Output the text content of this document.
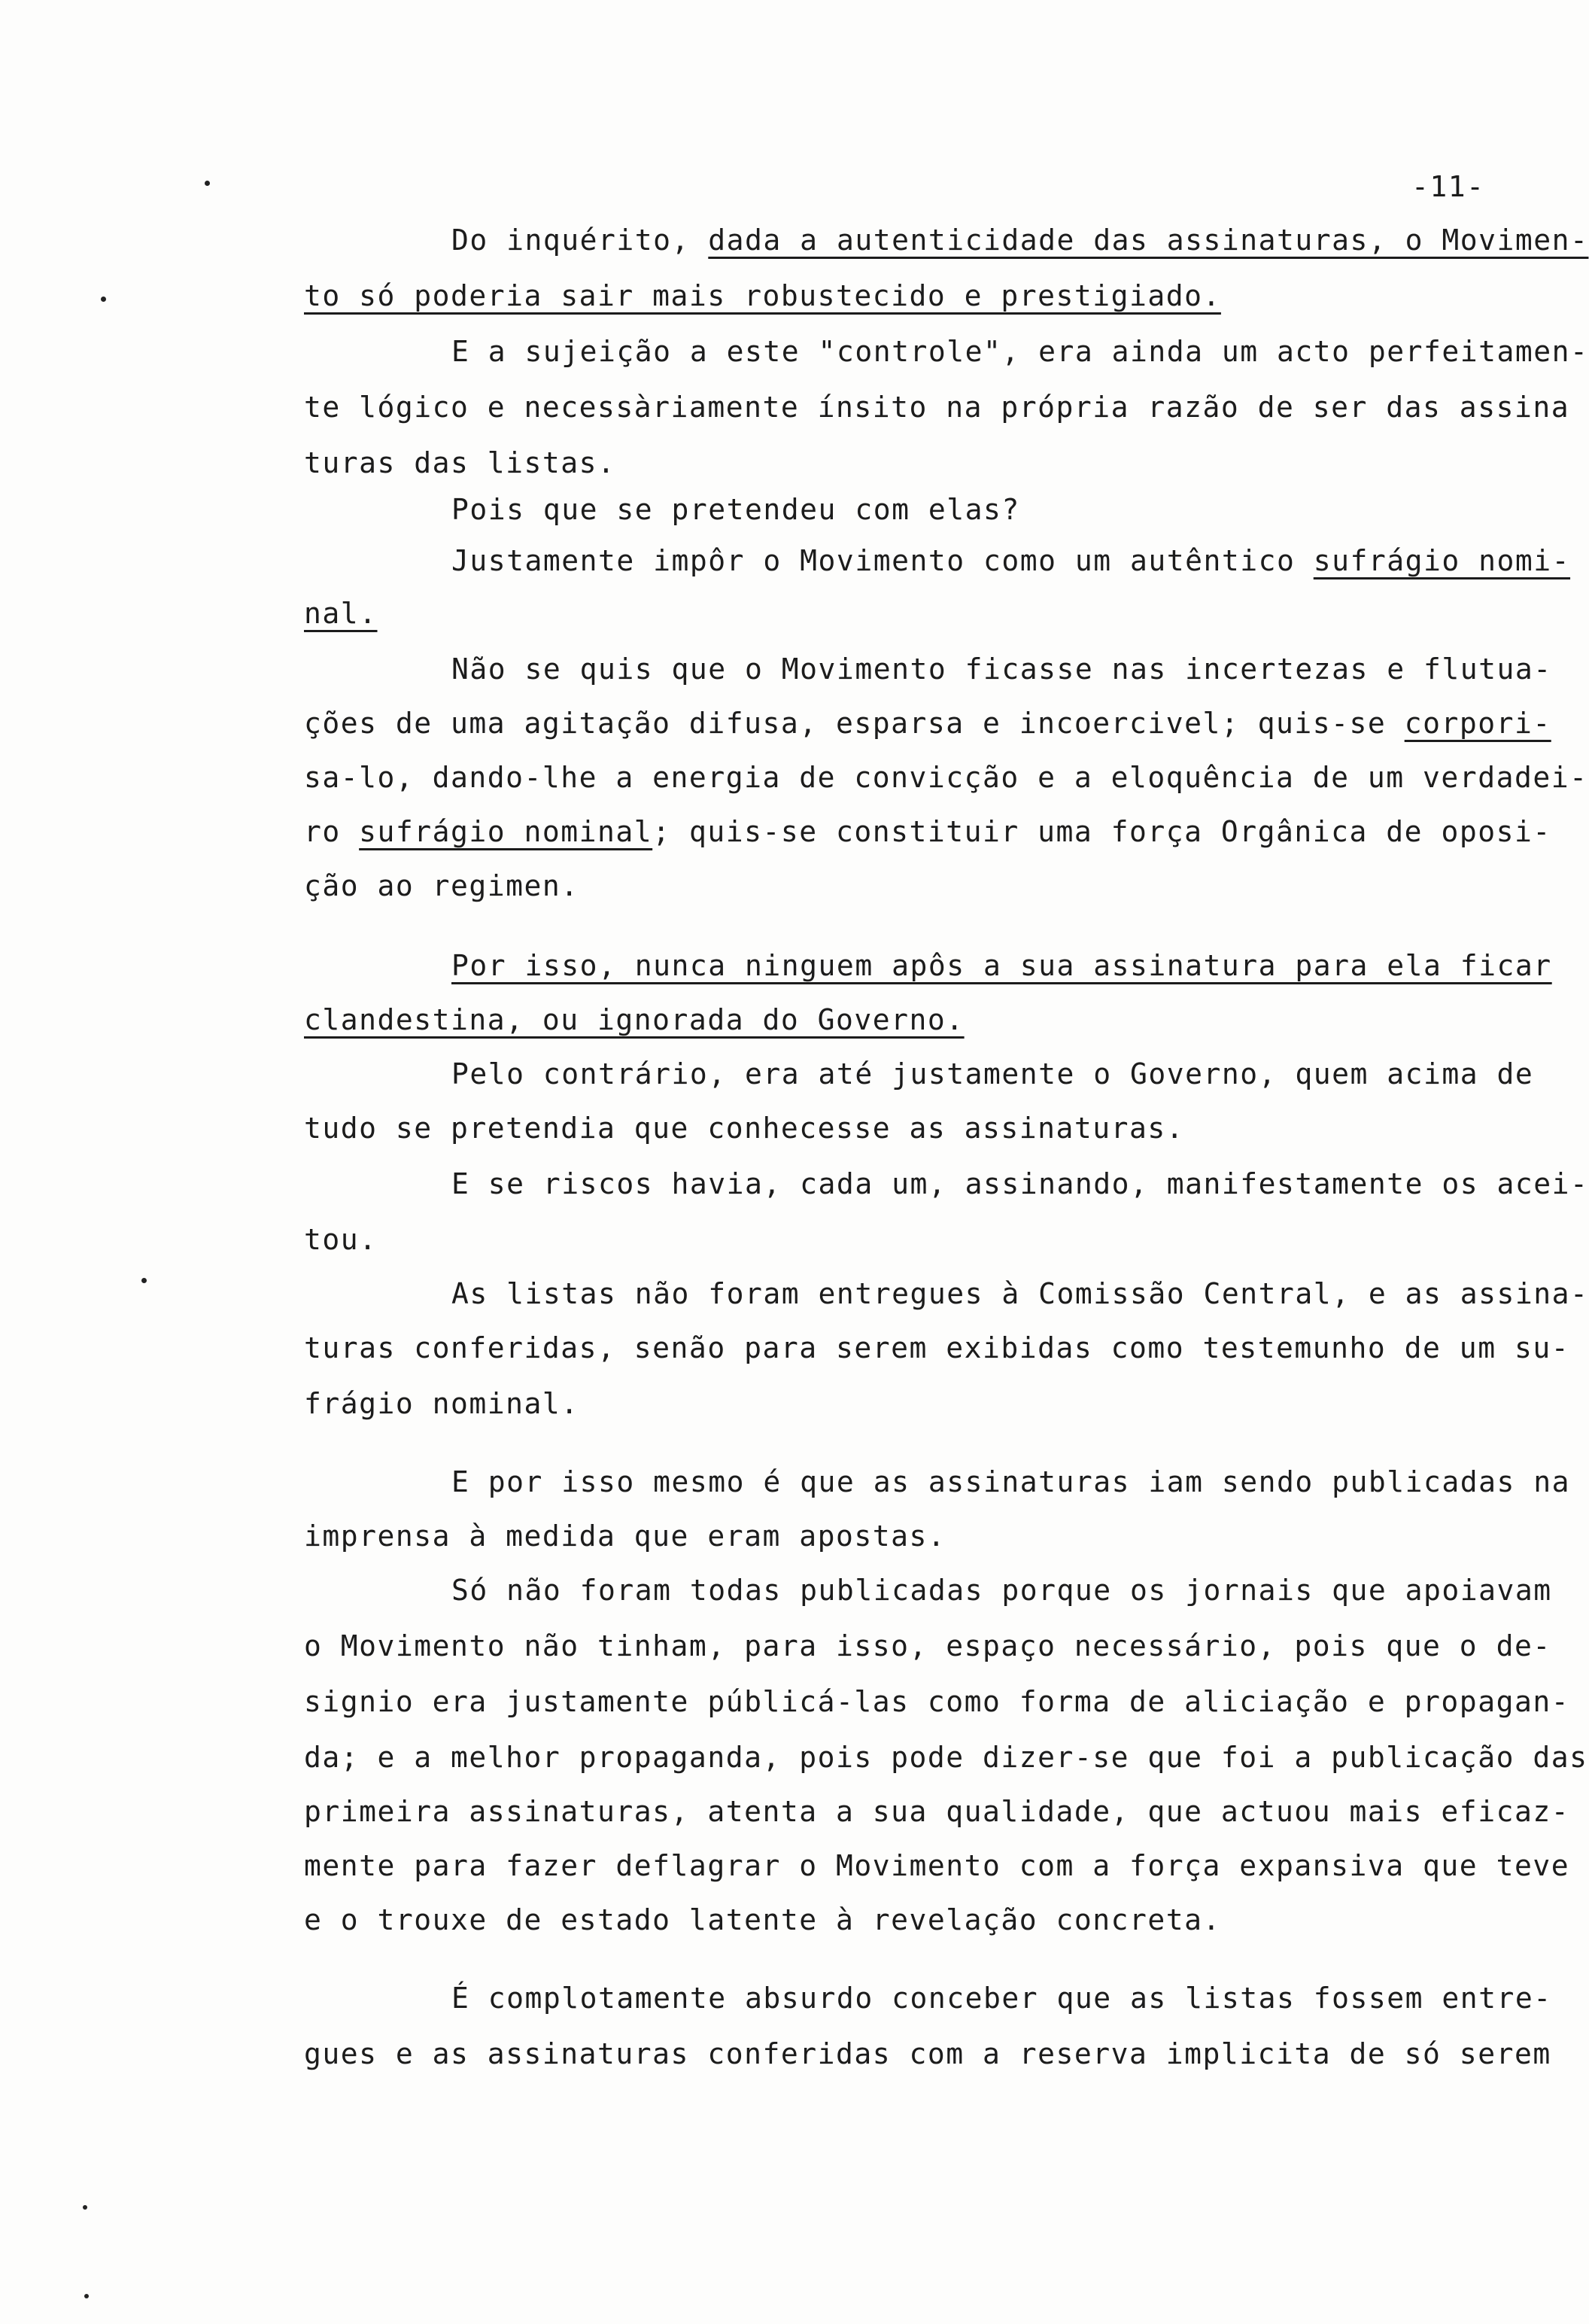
-11-
Do inquérito, dada a autenticidade das assinaturas, o Movimen-
to só poderia sair mais robustecido e prestigiado.
E a sujeição a este "controle", era ainda um acto perfeitamen-
te lógico e necessàriamente ínsito na própria razão de ser das assina
turas das listas.
Pois que se pretendeu com elas?
Justamente impôr o Movimento como um autêntico sufrágio nomi-
nal.
Não se quis que o Movimento ficasse nas incertezas e flutua-
ções de uma agitação difusa, esparsa e incoercivel; quis-se corpori-
sa-lo, dando-lhe a energia de convicção e a eloquência de um verdadei-
ro sufrágio nominal; quis-se constituir uma força Orgânica de oposi-
ção ao regimen.
Por isso, nunca ninguem apôs a sua assinatura para ela ficar
clandestina, ou ignorada do Governo.
Pelo contrário, era até justamente o Governo, quem acima de
tudo se pretendia que conhecesse as assinaturas.
E se riscos havia, cada um, assinando, manifestamente os acei-
tou.
As listas não foram entregues à Comissão Central, e as assina-
turas conferidas, senão para serem exibidas como testemunho de um su-
frágio nominal.
E por isso mesmo é que as assinaturas iam sendo publicadas na
imprensa à medida que eram apostas.
Só não foram todas publicadas porque os jornais que apoiavam
o Movimento não tinham, para isso, espaço necessário, pois que o de-
signio era justamente públicá-las como forma de aliciação e propagan-
da; e a melhor propaganda, pois pode dizer-se que foi a publicação das
primeira assinaturas, atenta a sua qualidade, que actuou mais eficaz-
mente para fazer deflagrar o Movimento com a força expansiva que teve
e o trouxe de estado latente à revelação concreta.
É complotamente absurdo conceber que as listas fossem entre-
gues e as assinaturas conferidas com a reserva implicita de só serem
